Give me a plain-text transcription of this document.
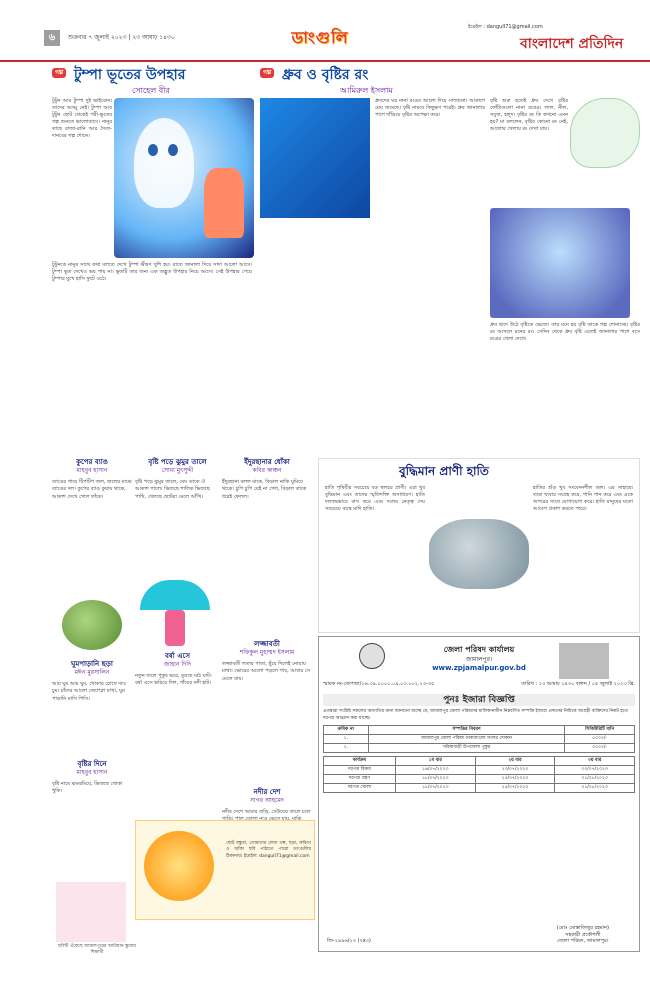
৬	শুক্রবার ৭ জুলাই ২০২৩ | ২৩ আষাঢ় ১৪৩০	ডাংগুলি
ইমেইল : dangulI71@gmail.com
বাংলাদেশ প্রতিদিন
গল্প টুম্পা ভূতের উপহার
সোহেল বীর
টুটুন আর টুম্পা দুই ভাইবোন। তাদের আব্বু নেই। টুম্পা আর টুটুন ছোট থেকেই পরী-ভূতের গল্প শুনতে ভালোবাসে। নানুর কাছে রাজা-রানি আর দৈত্য-দানবের গল্প শোনে।
টুটুনকে নানুর সাথে কথা বলতে দেখে টুম্পা ভীষণ খুশি হয়। রাতে জানালা দিয়ে সাদা আলো আসে। টুম্পা ভূত দেখেও ভয় পায় না। ভূতটি তার জন্য এক অদ্ভুত উপহার নিয়ে আসে। সেই উপহার পেয়ে টুম্পার মুখে হাসি ফুটে ওঠে।
গল্প ধ্রুব ও বৃষ্টির রং
আমিরুল ইসলাম
ধ্রুবদের ঘর নানা রঙের আলো দিয়ে সাজানো। আকাশে মেঘ জমেছে। বৃষ্টি নামবে কিছুক্ষণ পরেই। ধ্রুব জানালার পাশে দাঁড়িয়ে বৃষ্টির অপেক্ষা করে।
বৃষ্টি শুরু হতেই ধ্রুব দেখে বৃষ্টির ফোঁটাগুলো নানা রঙের। লাল, নীল, সবুজ, হলুদ। বৃষ্টির রং কি কখনো এমন হয়? মা বললেন, বৃষ্টির কোনো রং নেই, আলোর খেলায় রং দেখা যায়।
ধ্রুব ছাদে উঠে বৃষ্টিতে ভেজে। তার মনে হয় বৃষ্টি তাকে গল্প শোনাচ্ছে। বৃষ্টির রং আসলে মনের রং। সেদিন থেকে ধ্রুব বৃষ্টি এলেই জানালার পাশে বসে রঙের খেলা দেখে।
কুপের ব্যাঙ
মাহবুব হাসান
ব্যাঙের গায়ে টিপটিপ জল, জলের মাঝে ব্যাঙের দল। কুপের ব্যাঙ কুয়ায় থাকে, আকাশ দেখে গোল ফাঁকে।
বৃষ্টি পড়ে ঝুমুর তালে
সোমা মুৎসুদ্দী
বৃষ্টি পড়ে ঝুমুর তালে, মেঘ ডাকে ঐ আকাশ গালে। ভিজছে শালিক ভিজছে পাখি, খেলছে ছোটরা মেলে আঁখি।
ইঁদুরছানার ধোঁকা
কবির কাঞ্চন
ইঁদুরছানা বলল মাকে, বিড়াল নাকি ঘুমিয়ে থাকে। চুপি চুপি যেই না গেল, বিড়াল তাকে ধরেই ফেলল।
ঘুমপাড়ানি ছড়া
মঈন মুরসালিন
আয় ঘুম আয় ঘুম, খোকার চোখে দাও চুম। চাঁদের আলো জ্যোৎস্না মাখা, ঘুম পাড়ানি মাসি পিসি।
বর্ষা এসে
জাহান দিদি
নতুন জলে পুকুর ভরে, ডুবছে মাঠ ঘাট। বর্ষা এসে ভরিয়ে দিল, গাঁয়ের নদী হাট।
লজ্জাবতী
শফিকুল মুহাম্মদ ইসলাম
লজ্জাবতী লতার পাতা, ছুঁয়ে দিলেই নোয়ায় মাথা। ভোরের আলো পড়লে গায়, আবার সে মেলে যায়।
নদীর দেশ
সাগর আহমেদ
নদীর দেশে আমার বাড়ি, ঢেউয়ের তালে চলে
বৃষ্টির দিনে
মাহবুব হাসান
বৃষ্টি নামে ঝমঝমিয়ে, ভিজছে খোকা খুকি।
বুদ্ধিমান প্রাণী হাতি
হাতি পৃথিবীর সবচেয়ে বড় স্থলচর প্রাণী। এরা খুব বুদ্ধিমান এবং তাদের স্মৃতিশক্তি অসাধারণ। হাতি দলবদ্ধভাবে বাস করে এবং দলের নেতৃত্ব দেয় সবচেয়ে বয়স্ক মাদি হাতি।
হাতির শুঁড় খুব সংবেদনশীল অঙ্গ। এর সাহায্যে তারা খাবার সংগ্রহ করে, পানি পান করে এবং একে অপরের সাথে যোগাযোগ করে। হাতি মানুষের মতো আবেগ প্রকাশ করতে পারে।
জেলা পরিষদ কার্যালয়
জামালপুর।
www.zpjamalpur.gov.bd
স্মারক নং-জেপজা/১৬.৩৯.০০০০.০৯.০৩.০০২.২৩-৩৫	তারিখ : ২৩ আষাঢ় ১৪৩০ বঙ্গাব্দ / ০৫ জুলাই ২০২৩ খ্রি.
পুনঃ ইজারা বিজ্ঞপ্তি
এতদ্বারা সংশ্লিষ্ট সকলের অবগতির জন্য জানানো যাচ্ছে যে, জামালপুর জেলা পরিষদের মালিকানাধীন নিম্নবর্ণিত সম্পত্তি ইজারা প্রদানের নিমিত্তে আগ্রহী ব্যক্তিদের নিকট হতে দরপত্র আহ্বান করা যাচ্ছে।
ক্রমিক নং	সম্পত্তির বিবরণ	সিকিউরিটি মানি
১.	জামালপুর জেলা পরিষদ ডাকবাংলো সংলগ্ন দোকান	৫০০০/-
২.	সরিষাবাড়ী উপজেলা পুকুর	৩০০০/-
কার্যক্রম	১ম বার	২য় বার	৩য় বার
দরপত্র বিক্রয়	১৬/০৭/২০২৩	২৩/০৭/২০২৩	৩০/০৭/২০২৩
দরপত্র গ্রহণ	১৮/০৭/২০২৩	২৫/০৭/২০২৩	০১/০৮/২০২৩
দরপত্র খোলা	১৮/০৭/২০২৩	২৫/০৭/২০২৩	০১/০৮/২০২৩
(মোঃ মোস্তাফিজুর রহমান)
সহকারী প্রকৌশলী
জেলা পরিষদ, জামালপুর।
জি-২৪৯৬/২৩ (৭x৩)
ছোট বন্ধুরা, তোমাদের লেখা গল্প, ছড়া, কবিতা ও আঁকা ছবি পাঠাতে পারো ডাংগুলির ঠিকানায়। ইমেইল: dangulI71@gmail.com
ছবিটি এঁকেছে জামালপুরের আরিয়ান স্কুলের শিক্ষার্থী
